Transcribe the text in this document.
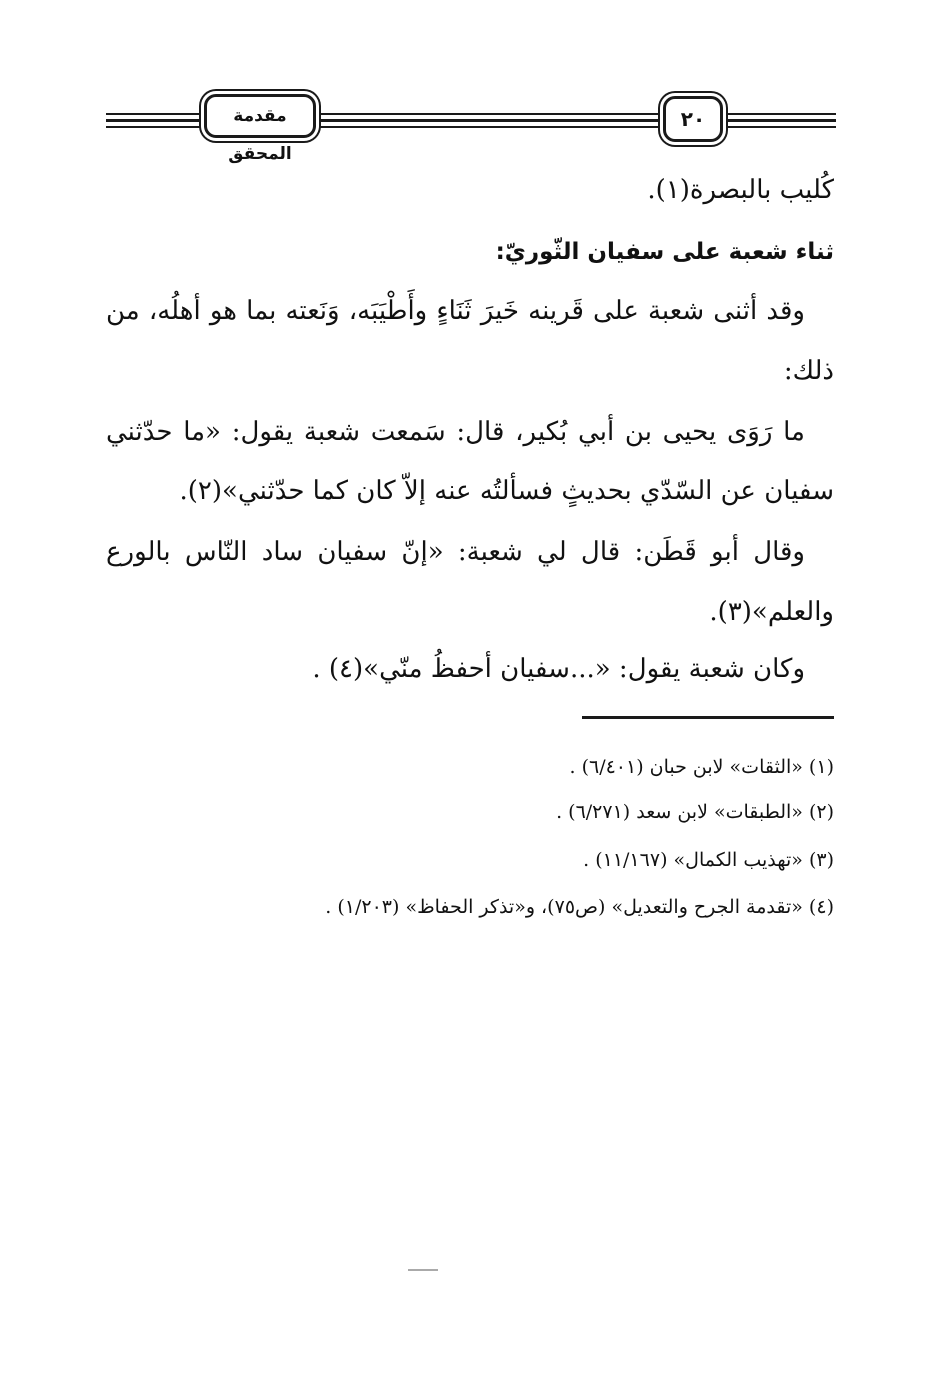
٢٠
مقدمة المحقق
كُليب بالبصرة(١).
ثناء شعبة على سفيان الثّوريّ:
وقد أثنى شعبة على قَرينه خَيرَ ثَنَاءٍ وأَطْيَبَه، وَنَعته بما هو أهلُه، من
ذلك:
ما رَوَى يحيى بن أبي بُكير، قال: سَمعت شعبة يقول: «ما حدّثني
سفيان عن السّدّي بحديثٍ فسألتُه عنه إلاّ كان كما حدّثني»(٢).
وقال أبو قَطَن: قال لي شعبة: «إنّ سفيان ساد النّاس بالورع
والعلم»(٣).
وكان شعبة يقول: «...سفيان أحفظُ منّي»(٤) .
(١) «الثقات» لابن حبان (٦/٤٠١) .
(٢) «الطبقات» لابن سعد (٦/٢٧١) .
(٣) «تهذيب الكمال» (١١/١٦٧) .
(٤) «تقدمة الجرح والتعديل» (ص٧٥)، و«تذكر الحفاظ» (١/٢٠٣) .
